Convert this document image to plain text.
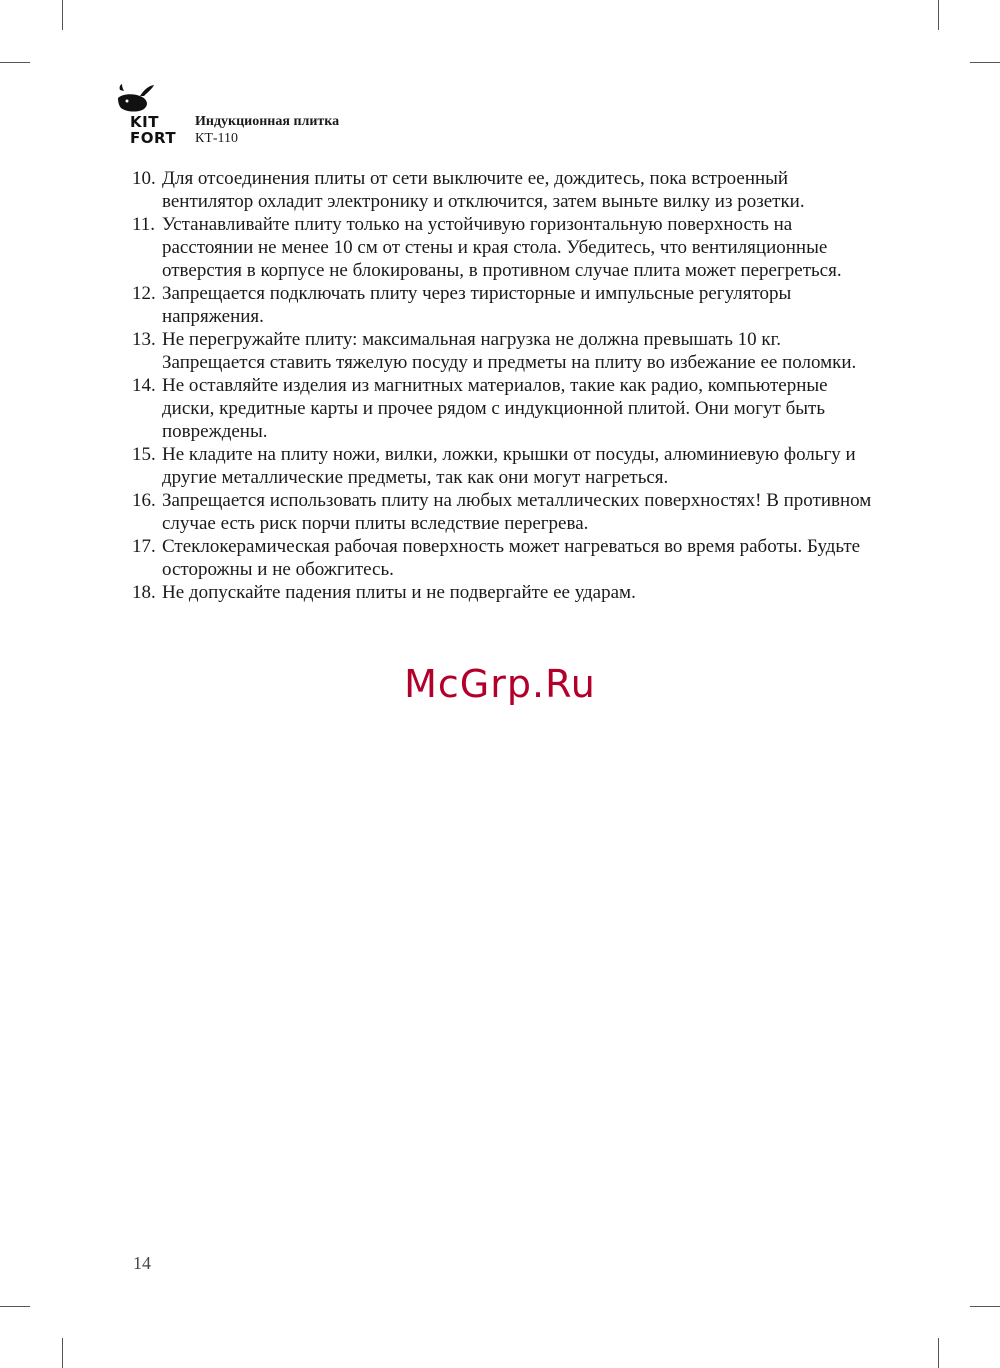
KIT
FORT
Индукционная плитка
КТ-110
10. Для отсоединения плиты от сети выключите ее, дождитесь, пока встроенный вентилятор охладит электронику и отключится, затем выньте вилку из розетки.
11. Устанавливайте плиту только на устойчивую горизонтальную поверхность на расстоянии не менее 10 см от стены и края стола. Убедитесь, что вентиляционные отверстия в корпусе не блокированы, в противном случае плита может перегреться.
12. Запрещается подключать плиту через тиристорные и импульсные регуляторы напряжения.
13. Не перегружайте плиту: максимальная нагрузка не должна превышать 10 кг. Запрещается ставить тяжелую посуду и предметы на плиту во избежание ее поломки.
14. Не оставляйте изделия из магнитных материалов, такие как радио, компьютерные диски, кредитные карты и прочее рядом с индукционной плитой. Они могут быть повреждены.
15. Не кладите на плиту ножи, вилки, ложки, крышки от посуды, алюминиевую фольгу и другие металлические предметы, так как они могут нагреться.
16. Запрещается использовать плиту на любых металлических поверхностях! В противном случае есть риск порчи плиты вследствие перегрева.
17. Стеклокерамическая рабочая поверхность может нагреваться во время работы. Будьте осторожны и не обожгитесь.
18. Не допускайте падения плиты и не подвергайте ее ударам.
McGrp.Ru
14
